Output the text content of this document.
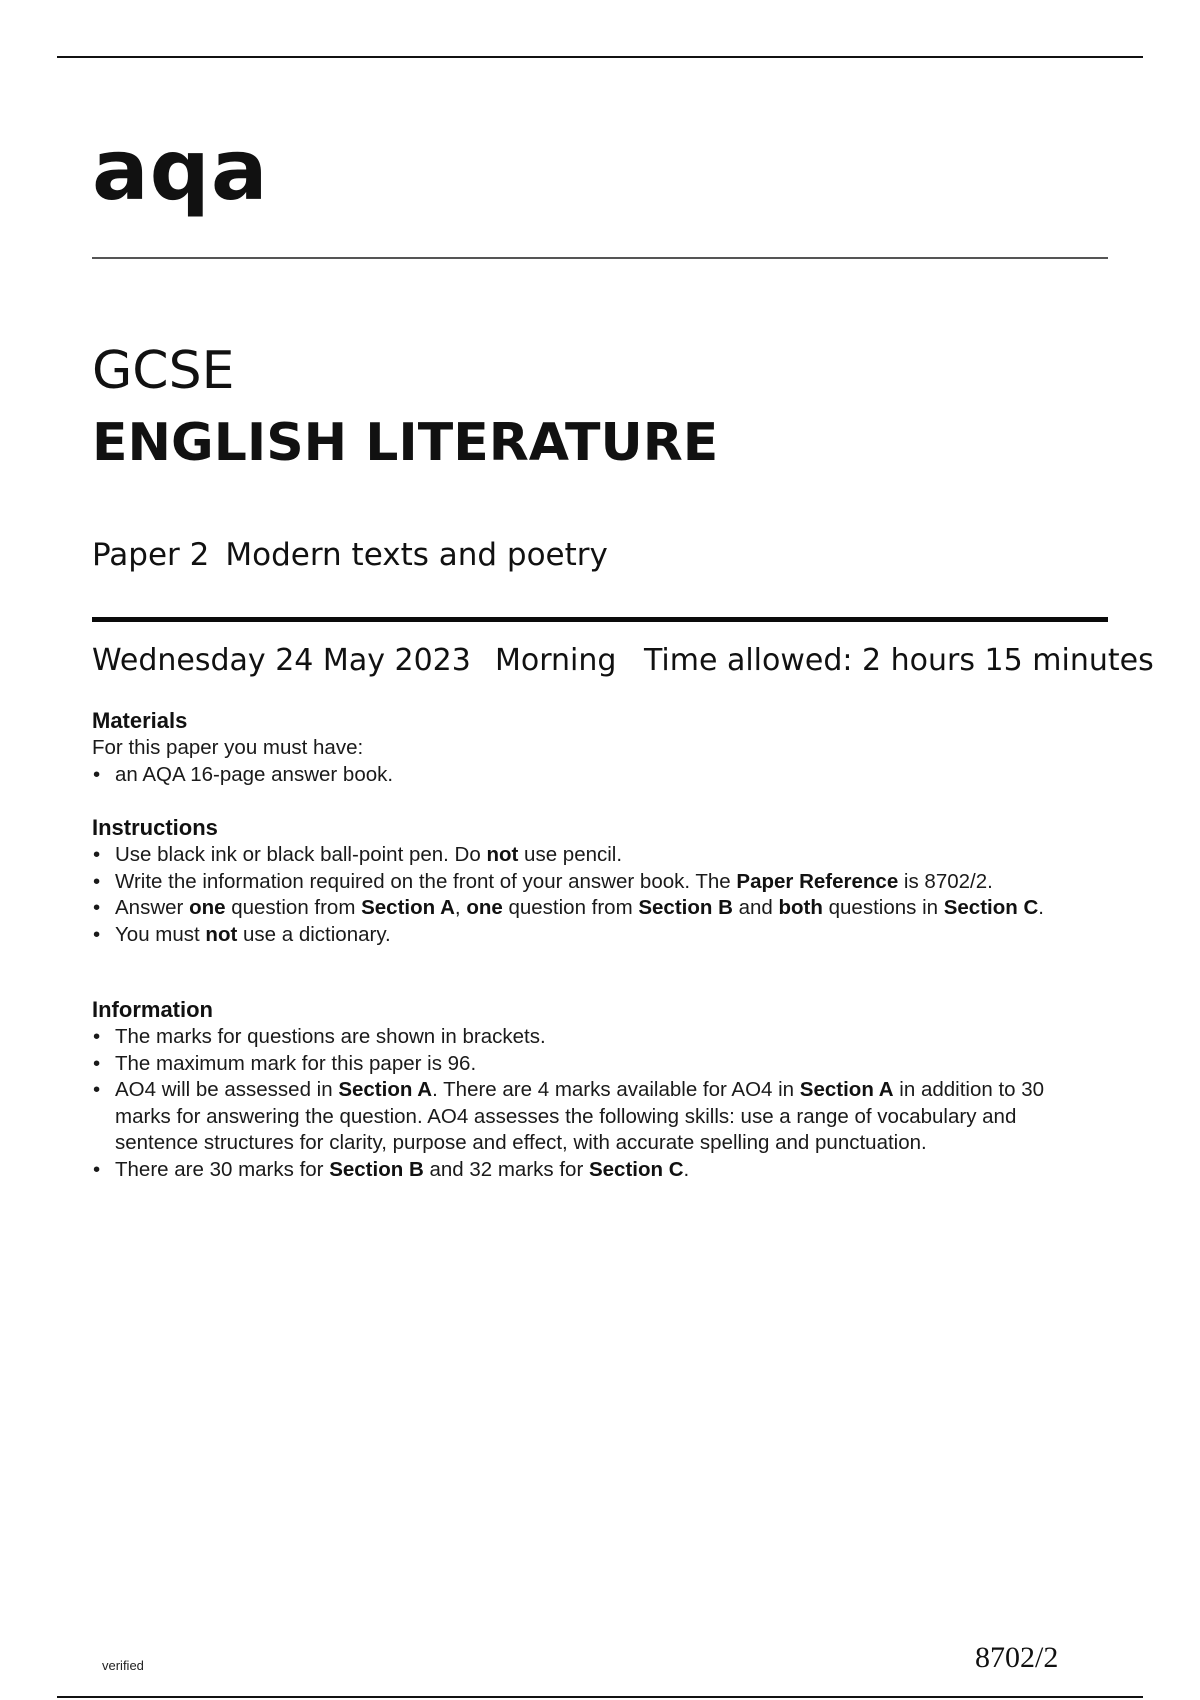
aqa
GCSE
ENGLISH LITERATURE
Paper 2 Modern texts and poetry
Wednesday 24 May 2023 Morning Time allowed: 2 hours 15 minutes
Materials
For this paper you must have:
• an AQA 16-page answer book.
Instructions
• Use black ink or black ball-point pen. Do not use pencil.
• Write the information required on the front of your answer book. The Paper Reference is 8702/2.
• Answer one question from Section A, one question from Section B and both questions in Section C.
• You must not use a dictionary.
Information
• The marks for questions are shown in brackets.
• The maximum mark for this paper is 96.
• AO4 will be assessed in Section A. There are 4 marks available for AO4 in Section A in addition to 30 marks for answering the question. AO4 assesses the following skills: use a range of vocabulary and sentence structures for clarity, purpose and effect, with accurate spelling and punctuation.
• There are 30 marks for Section B and 32 marks for Section C.
verified	8702/2
